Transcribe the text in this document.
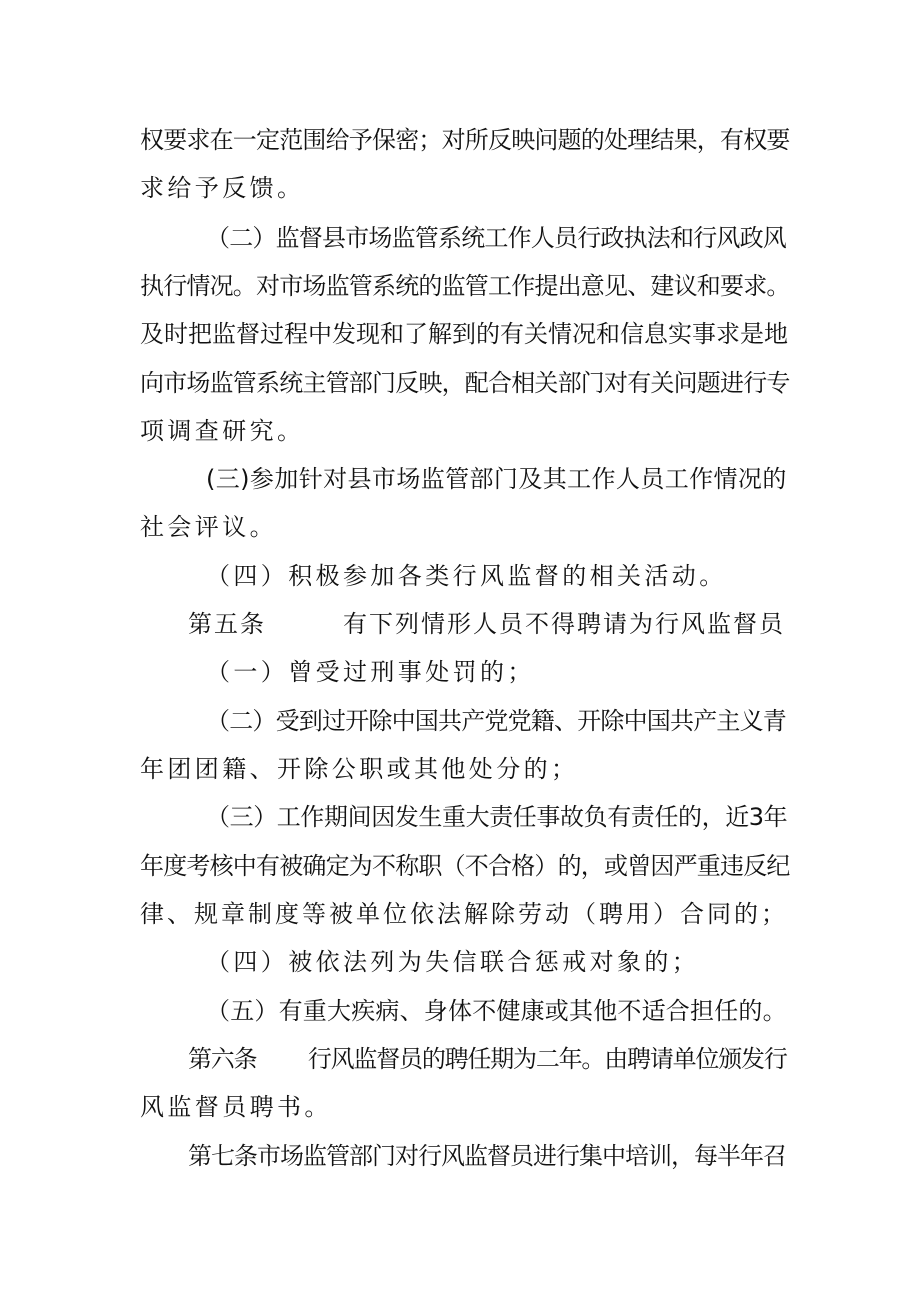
权要求在一定范围给予保密；对所反映问题的处理结果，有权要
求给予反馈。
（二）监督县市场监管系统工作人员行政执法和行风政风
执行情况。对市场监管系统的监管工作提出意见、建议和要求。
及时把监督过程中发现和了解到的有关情况和信息实事求是地
向市场监管系统主管部门反映，配合相关部门对有关问题进行专
项调查研究。
(三)参加针对县市场监管部门及其工作人员工作情况的
社会评议。
（四）积极参加各类行风监督的相关活动。
第五条        有下列情形人员不得聘请为行风监督员
（一）曾受过刑事处罚的；
（二）受到过开除中国共产党党籍、开除中国共产主义青
年团团籍、开除公职或其他处分的；
（三）工作期间因发生重大责任事故负有责任的，近3年
年度考核中有被确定为不称职（不合格）的，或曾因严重违反纪
律、规章制度等被单位依法解除劳动（聘用）合同的；
（四）被依法列为失信联合惩戒对象的；
（五）有重大疾病、身体不健康或其他不适合担任的。
第六条        行风监督员的聘任期为二年。由聘请单位颁发行
风监督员聘书。
第七条市场监管部门对行风监督员进行集中培训，每半年召
